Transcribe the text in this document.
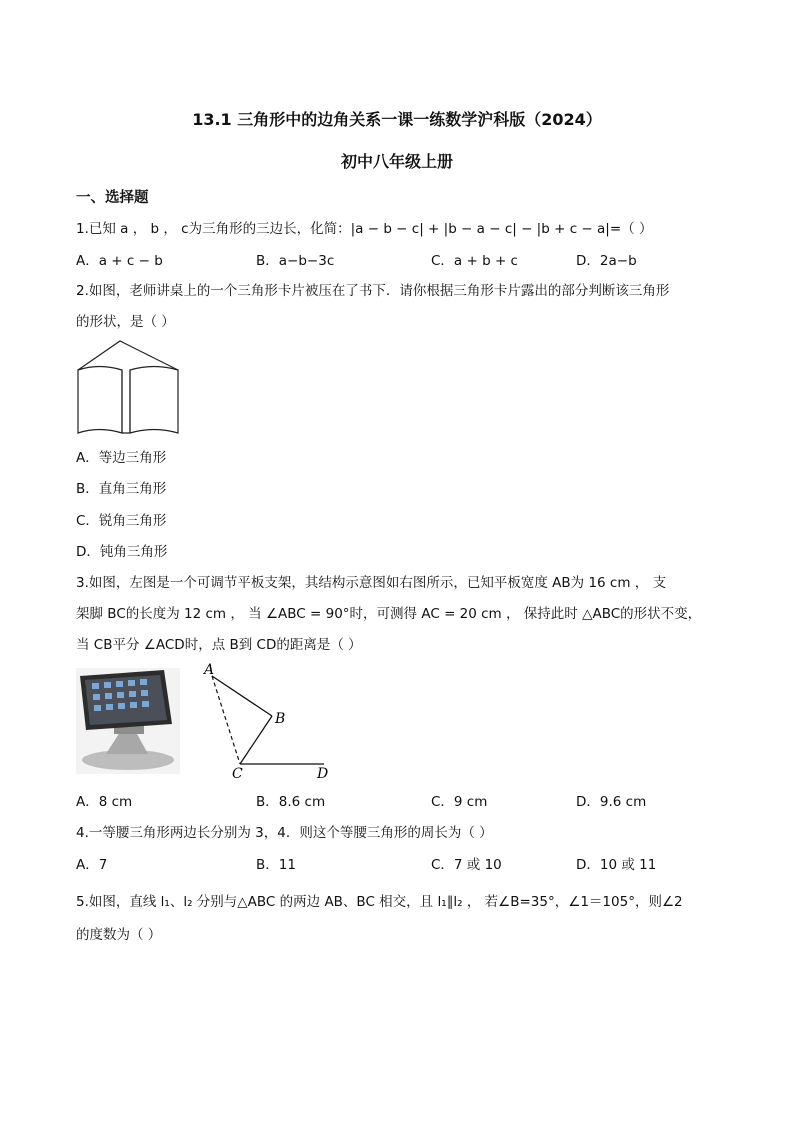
13.1 三角形中的边角关系一课一练数学沪科版（2024）
初中八年级上册
一、选择题
1.已知 a ， b ， c为三角形的三边长，化简：|a − b − c| + |b − a − c| − |b + c − a|=（ ）
A．a + c − b	B．a−b−3c	C．a + b + c	D．2a−b
2.如图，老师讲桌上的一个三角形卡片被压在了书下．请你根据三角形卡片露出的部分判断该三角形
的形状，是（ ）
A．等边三角形
B．直角三角形
C．锐角三角形
D．钝角三角形
3.如图，左图是一个可调节平板支架，其结构示意图如右图所示，已知平板宽度 AB为 16 cm ， 支
架脚 BC的长度为 12 cm ， 当 ∠ABC = 90°时，可测得 AC = 20 cm ， 保持此时 △ABC的形状不变，
当 CB平分 ∠ACD时，点 B到 CD的距离是（ ）
A
B
C	D
A．8 cm	B．8.6 cm	C．9 cm	D．9.6 cm
4.一等腰三角形两边长分别为 3，4．则这个等腰三角形的周长为（ ）
A．7	B．11	C．7 或 10	D．10 或 11
5.如图，直线 l₁、l₂ 分别与△ABC 的两边 AB、BC 相交，且 l₁∥l₂ ， 若∠B=35°，∠1＝105°，则∠2
的度数为（ ）
